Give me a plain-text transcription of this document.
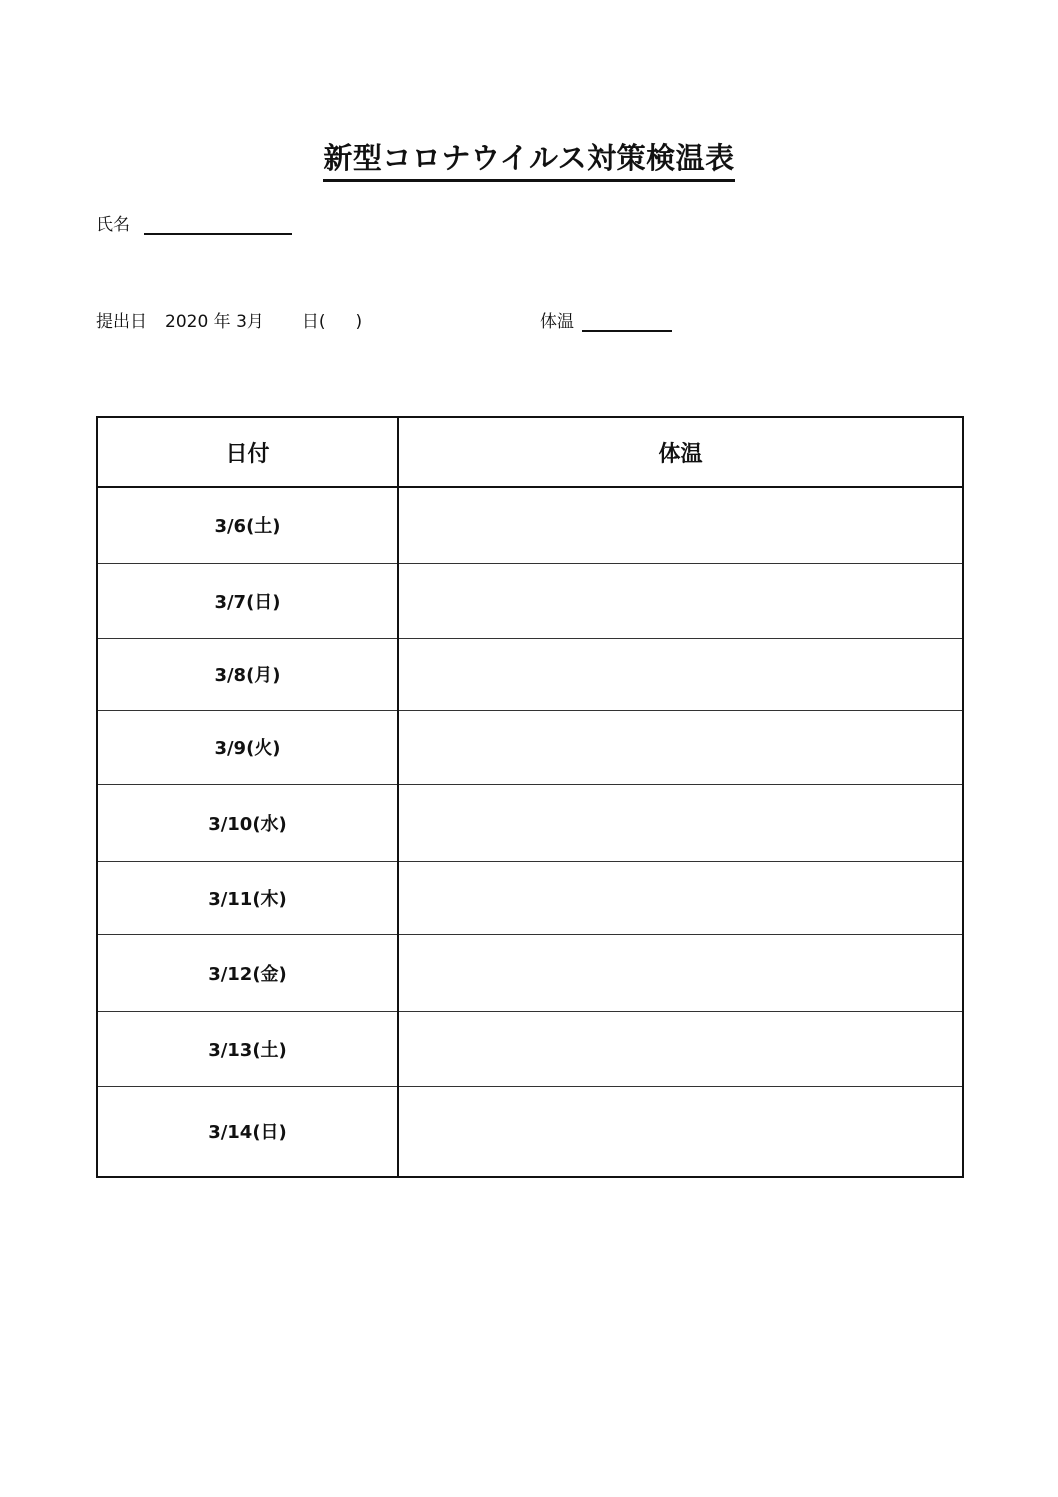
新型コロナウイルス対策検温表
氏名
提出日 2020 年 3月 日( )	体温
日付	体温
3/6(土)	
3/7(日)	
3/8(月)	
3/9(火)	
3/10(水)	
3/11(木)	
3/12(金)	
3/13(土)	
3/14(日)	
